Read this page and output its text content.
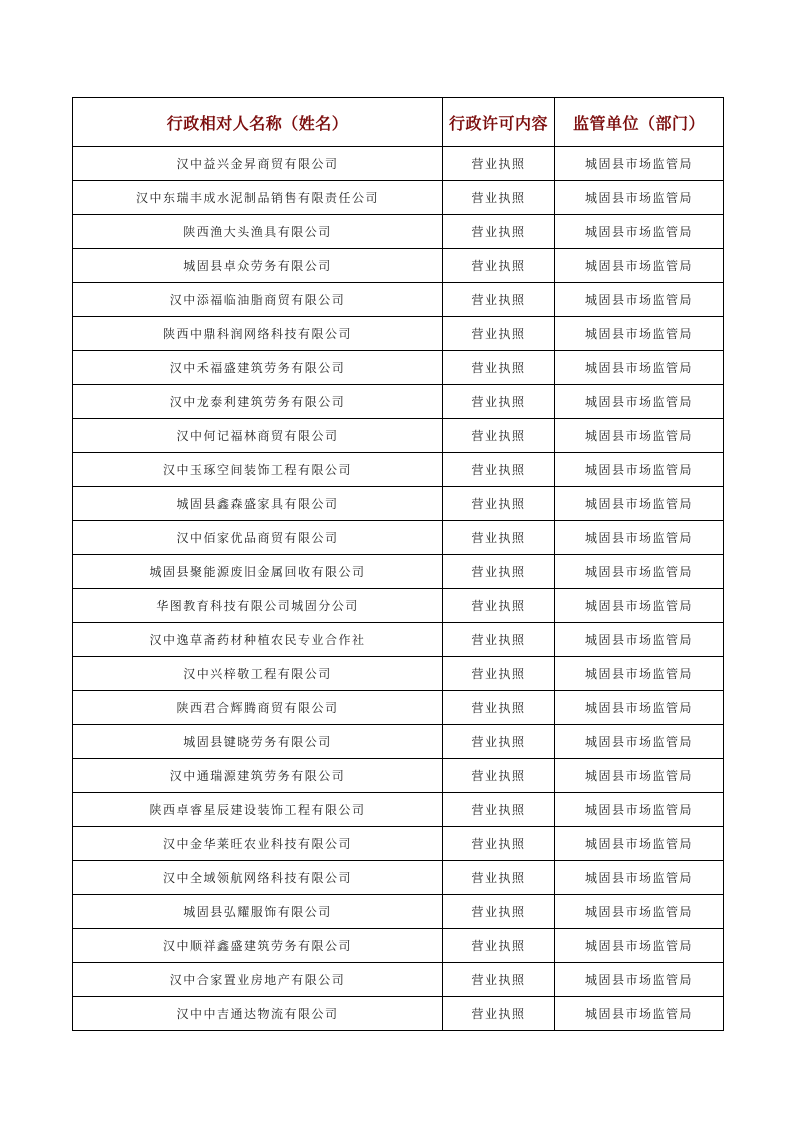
行政相对人名称（姓名）	行政许可内容	监管单位（部门）
汉中益兴金昇商贸有限公司	营业执照	城固县市场监管局
汉中东瑞丰成水泥制品销售有限责任公司	营业执照	城固县市场监管局
陕西渔大头渔具有限公司	营业执照	城固县市场监管局
城固县卓众劳务有限公司	营业执照	城固县市场监管局
汉中添福临油脂商贸有限公司	营业执照	城固县市场监管局
陕西中鼎科润网络科技有限公司	营业执照	城固县市场监管局
汉中禾福盛建筑劳务有限公司	营业执照	城固县市场监管局
汉中龙泰利建筑劳务有限公司	营业执照	城固县市场监管局
汉中何记福林商贸有限公司	营业执照	城固县市场监管局
汉中玉琢空间装饰工程有限公司	营业执照	城固县市场监管局
城固县鑫森盛家具有限公司	营业执照	城固县市场监管局
汉中佰家优品商贸有限公司	营业执照	城固县市场监管局
城固县聚能源废旧金属回收有限公司	营业执照	城固县市场监管局
华图教育科技有限公司城固分公司	营业执照	城固县市场监管局
汉中逸草斋药材种植农民专业合作社	营业执照	城固县市场监管局
汉中兴梓敬工程有限公司	营业执照	城固县市场监管局
陕西君合辉腾商贸有限公司	营业执照	城固县市场监管局
城固县键晓劳务有限公司	营业执照	城固县市场监管局
汉中通瑞源建筑劳务有限公司	营业执照	城固县市场监管局
陕西卓睿星辰建设装饰工程有限公司	营业执照	城固县市场监管局
汉中金华莱旺农业科技有限公司	营业执照	城固县市场监管局
汉中全域领航网络科技有限公司	营业执照	城固县市场监管局
城固县弘耀服饰有限公司	营业执照	城固县市场监管局
汉中顺祥鑫盛建筑劳务有限公司	营业执照	城固县市场监管局
汉中合家置业房地产有限公司	营业执照	城固县市场监管局
汉中中吉通达物流有限公司	营业执照	城固县市场监管局
